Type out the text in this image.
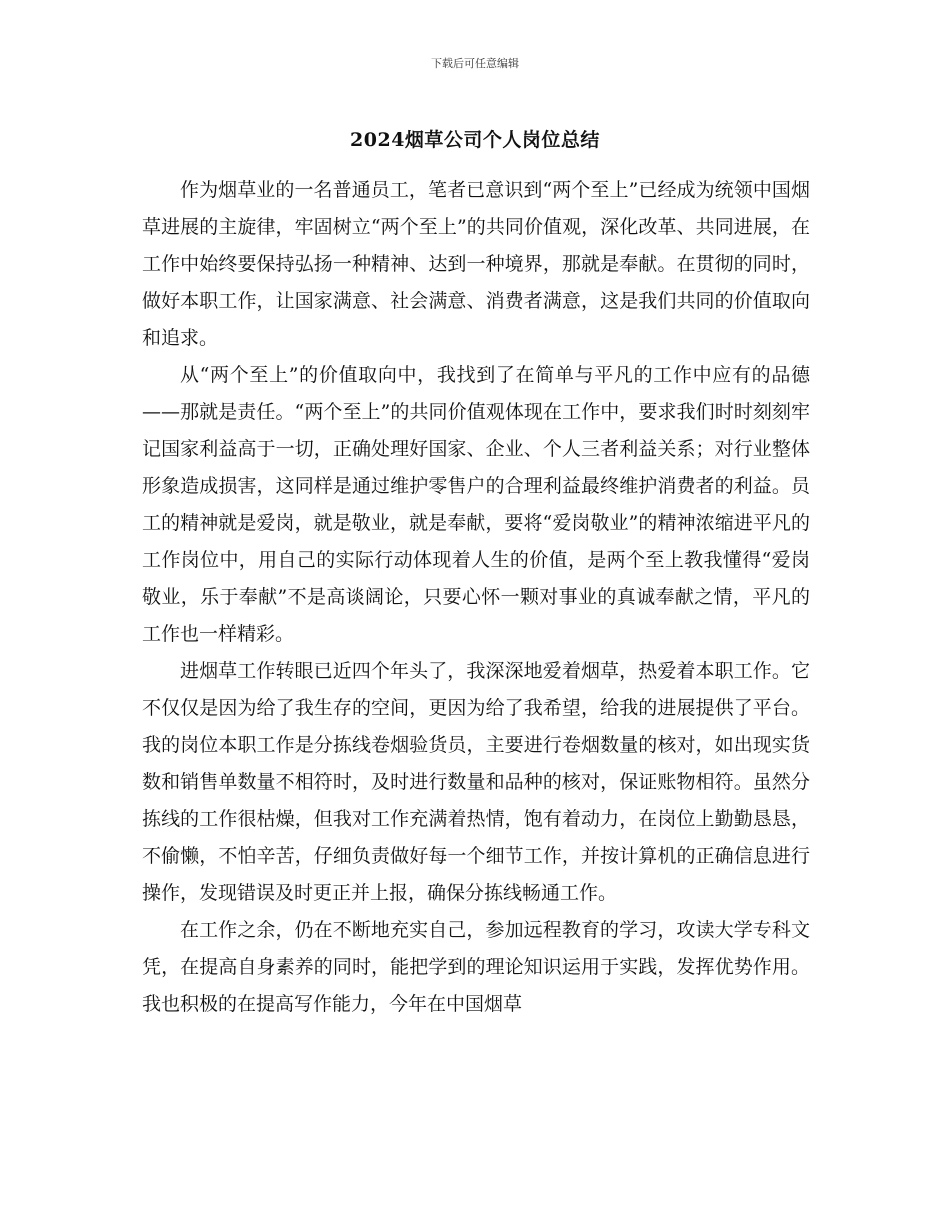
下载后可任意编辑
2024烟草公司个人岗位总结

作为烟草业的一名普通员工，笔者已意识到“两个至上”已经成为统领中国烟草进展的主旋律，牢固树立“两个至上”的共同价值观，深化改革、共同进展，在工作中始终要保持弘扬一种精神、达到一种境界，那就是奉献。在贯彻的同时，做好本职工作，让国家满意、社会满意、消费者满意，这是我们共同的价值取向和追求。

从“两个至上”的价值取向中，我找到了在简单与平凡的工作中应有的品德——那就是责任。“两个至上”的共同价值观体现在工作中，要求我们时时刻刻牢记国家利益高于一切，正确处理好国家、企业、个人三者利益关系；对行业整体形象造成损害，这同样是通过维护零售户的合理利益最终维护消费者的利益。员工的精神就是爱岗，就是敬业，就是奉献，要将“爱岗敬业”的精神浓缩进平凡的工作岗位中，用自己的实际行动体现着人生的价值，是两个至上教我懂得“爱岗敬业，乐于奉献”不是高谈阔论，只要心怀一颗对事业的真诚奉献之情，平凡的工作也一样精彩。

进烟草工作转眼已近四个年头了，我深深地爱着烟草，热爱着本职工作。它不仅仅是因为给了我生存的空间，更因为给了我希望，给我的进展提供了平台。我的岗位本职工作是分拣线卷烟验货员，主要进行卷烟数量的核对，如出现实货数和销售单数量不相符时，及时进行数量和品种的核对，保证账物相符。虽然分拣线的工作很枯燥，但我对工作充满着热情，饱有着动力，在岗位上勤勤恳恳，不偷懒，不怕辛苦，仔细负责做好每一个细节工作，并按计算机的正确信息进行操作，发现错误及时更正并上报，确保分拣线畅通工作。

在工作之余，仍在不断地充实自己，参加远程教育的学习，攻读大学专科文凭，在提高自身素养的同时，能把学到的理论知识运用于实践，发挥优势作用。我也积极的在提高写作能力，今年在中国烟草
